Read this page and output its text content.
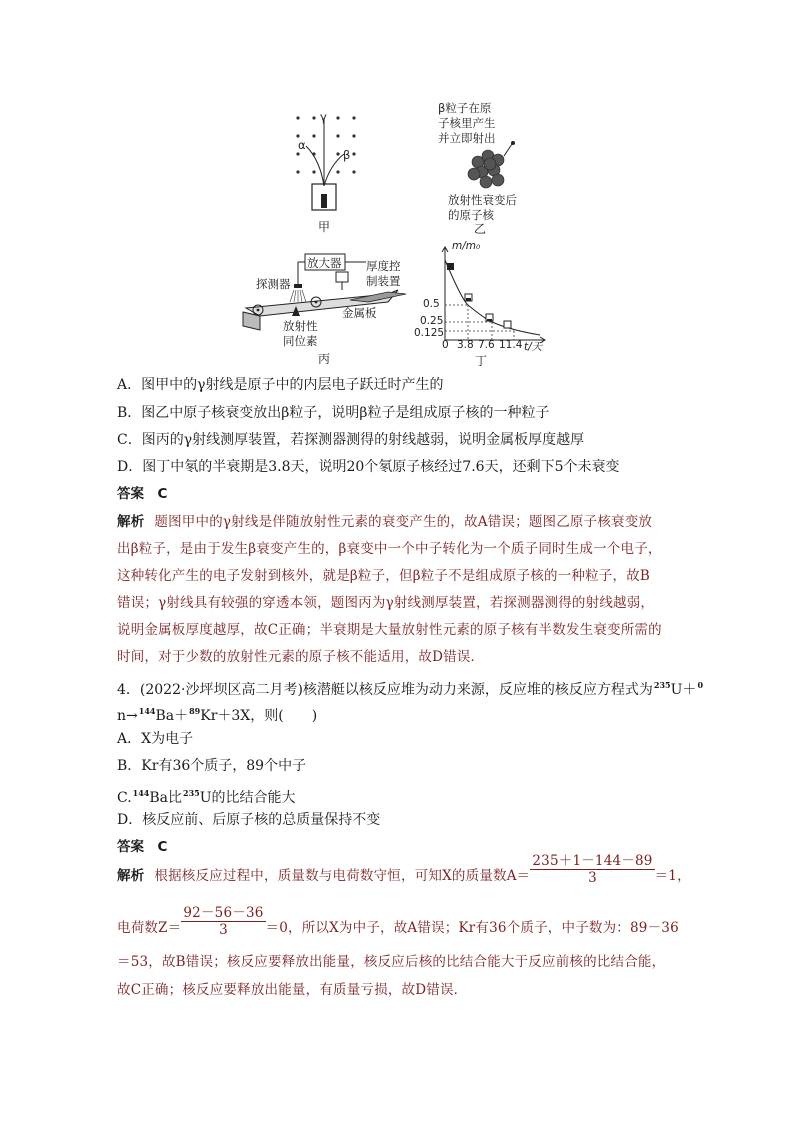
γ
α
β
甲
β粒子在原
子核里产生
并立即射出
放射性衰变后
的原子核
乙
放大器 厚度控
制装置
探测器
金属板
放射性
同位素
丙
m/m₀
0.5
0.25
0.125
0 3.8 7.6 11.4 t/天
丁
A．图甲中的γ射线是原子中的内层电子跃迁时产生的
B．图乙中原子核衰变放出β粒子，说明β粒子是组成原子核的一种粒子
C．图丙的γ射线测厚装置，若探测器测得的射线越弱，说明金属板厚度越厚
D．图丁中氡的半衰期是3.8天，说明20个氡原子核经过7.6天，还剩下5个未衰变
答案　C
解析 题图甲中的γ射线是伴随放射性元素的衰变产生的，故A错误；题图乙原子核衰变放
出β粒子，是由于发生β衰变产生的，β衰变中一个中子转化为一个质子同时生成一个电子，
这种转化产生的电子发射到核外，就是β粒子，但β粒子不是组成原子核的一种粒子，故B
错误；γ射线具有较强的穿透本领，题图丙为γ射线测厚装置，若探测器测得的射线越弱，
说明金属板厚度越厚，故C正确；半衰期是大量放射性元素的原子核有半数发生衰变所需的
时间，对于少数的放射性元素的原子核不能适用，故D错误．
4．(2022·沙坪坝区高二月考)核潜艇以核反应堆为动力来源，反应堆的核反应方程式为$^{235}$U＋$^0$
n→$^{144}$Ba＋$^{89}$Kr＋3X，则(　　)
A．X为电子
B．Kr有36个质子，89个中子
C.$^{144}$Ba比$^{235}$U的比结合能大
D．核反应前、后原子核的总质量保持不变
答案　C
解析 根据核反应过程中，质量数与电荷数守恒，可知X的质量数$A= \frac{235+1-144-89}{3} =1$，
电荷数$Z= \frac{92-56-36}{3} =0$，所以X为中子，故A错误；Kr有36个质子，中子数为：89－36
＝53，故B错误；核反应要释放出能量，核反应后核的比结合能大于反应前核的比结合能，
故C正确；核反应要释放出能量，有质量亏损，故D错误．
